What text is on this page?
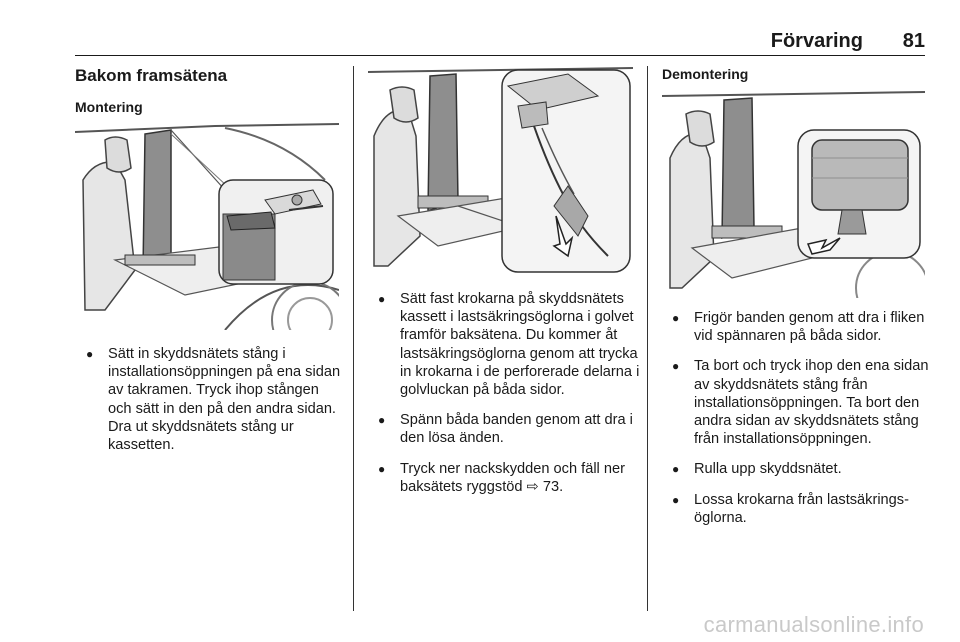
Förvaring 81
Bakom framsätena
Montering
● Sätt in skyddsnätets stång i installationsöppningen på ena sidan av takramen. Tryck ihop stången och sätt in den på den andra sidan. Dra ut skyddsnätets stång ur kassetten.
● Sätt fast krokarna på skyddsnätets kassett i lastsäkringsöglorna i golvet framför baksätena. Du kommer åt lastsäkringsöglorna genom att trycka in krokarna i de perforerade delarna i golvluckan på båda sidor.
● Spänn båda banden genom att dra i den lösa änden.
● Tryck ner nackskydden och fäll ner baksätets ryggstöd ⇨ 73.
Demontering
● Frigör banden genom att dra i fliken vid spännaren på båda sidor.
● Ta bort och tryck ihop den ena sidan av skyddsnätets stång från installationsöppningen. Ta bort den andra sidan av skyddsnätets stång från installationsöppningen.
● Rulla upp skyddsnätet.
● Lossa krokarna från lastsäkringsöglorna.
carmanualsonline.info
